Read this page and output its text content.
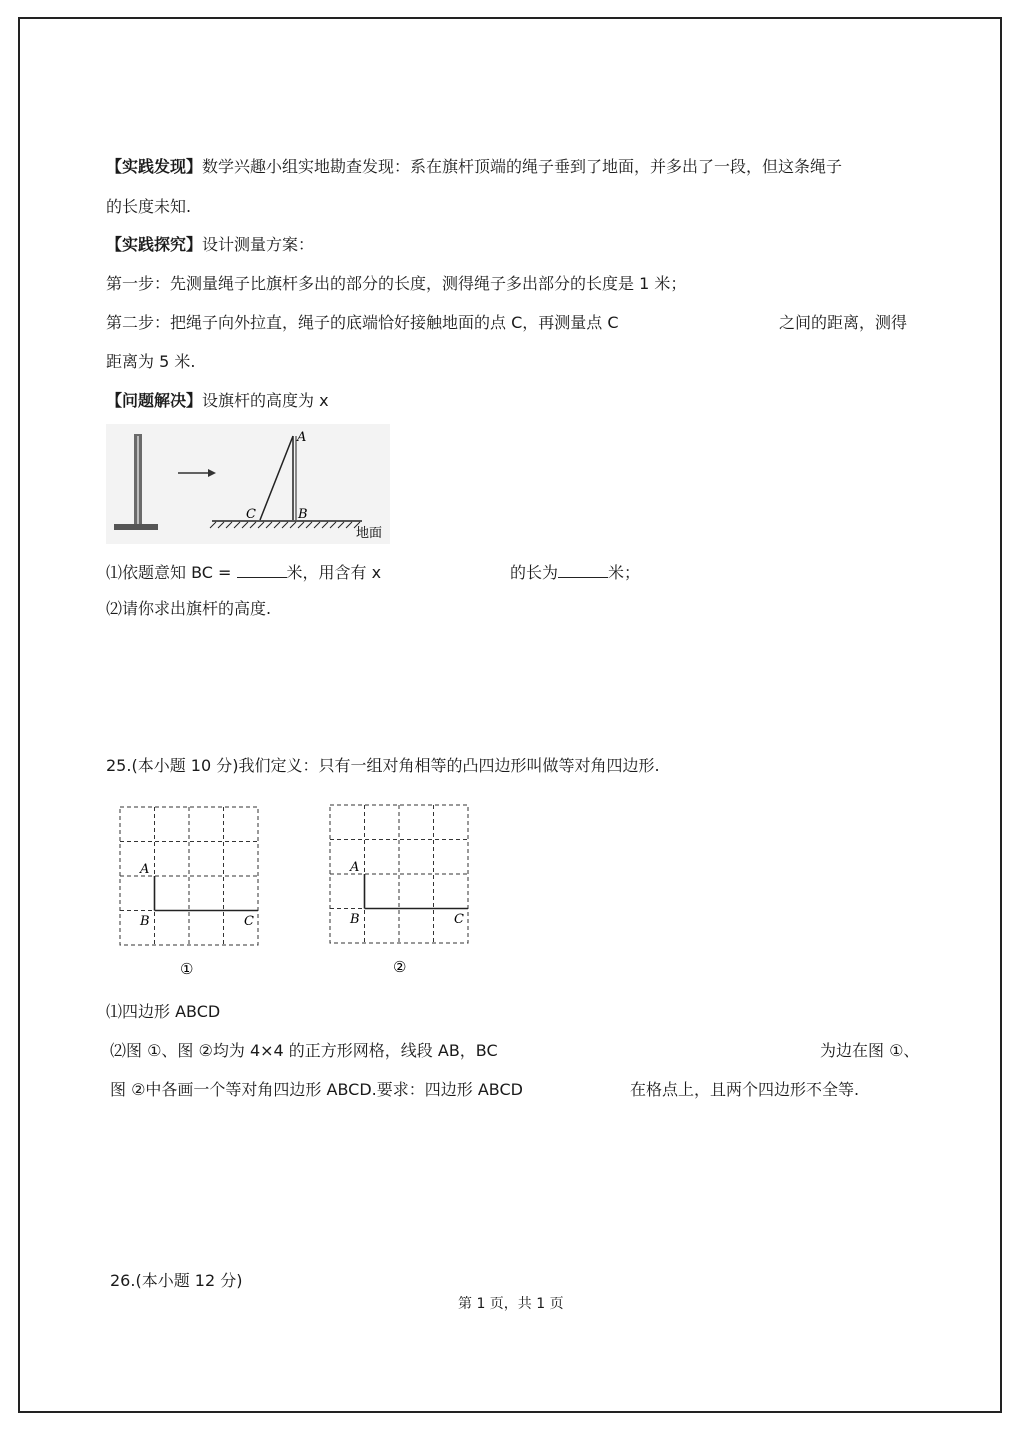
【实践发现】数学兴趣小组实地勘查发现：系在旗杆顶端的绳子垂到了地面，并多出了一段，但这条绳子
的长度未知.
【实践探究】设计测量方案：
第一步：先测量绳子比旗杆多出的部分的长度，测得绳子多出部分的长度是 1 米；
第二步：把绳子向外拉直，绳子的底端恰好接触地面的点 C，再测量点 C	之间的距离，测得
距离为 5 米.
【问题解决】设旗杆的高度为 x
A
B
C
地面
⑴依题意知 BC =	米，用含有 x	的长为	米；
⑵请你求出旗杆的高度.
25.(本小题 10 分)我们定义：只有一组对角相等的凸四边形叫做等对角四边形.
A
B	C
①
A
B	C
②
⑴四边形 ABCD
⑵图 ①、图 ②均为 4×4 的正方形网格，线段 AB，BC	为边在图 ①、
图 ②中各画一个等对角四边形 ABCD.要求：四边形 ABCD	在格点上，且两个四边形不全等.
26.(本小题 12 分)
第 1 页，共 1 页
